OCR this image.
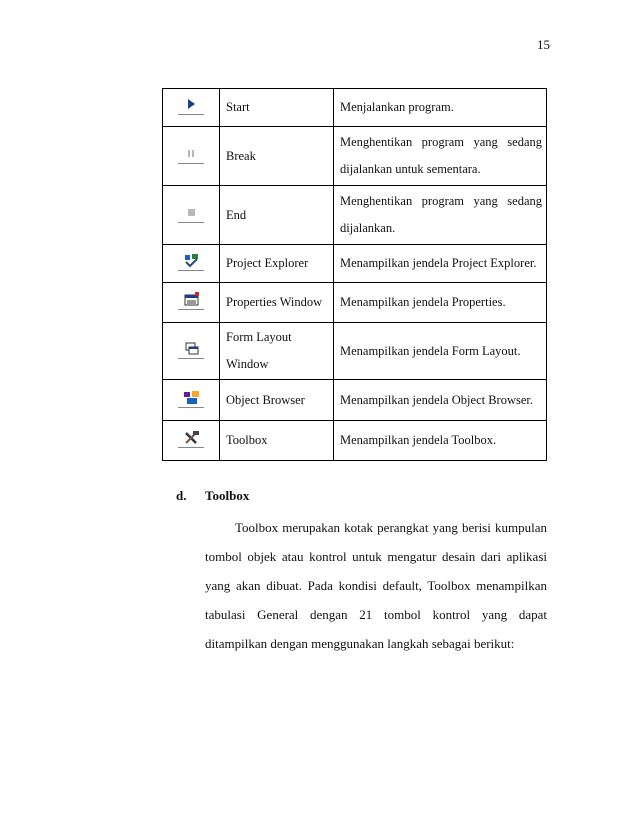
15
	Start	Menjalankan program.

	Break	Menghentikan program yang sedang
dijalankan untuk sementara.

	End	Menghentikan program yang sedang
dijalankan.

	Project Explorer	Menampilkan jendela Project Explorer.

	Properties Window	Menampilkan jendela Properties.

Form Layout
Window	Menampilkan jendela Form Layout.

	Object Browser	Menampilkan jendela Object Browser.

	Toolbox	Menampilkan jendela Toolbox.
d. Toolbox
Toolbox merupakan kotak perangkat yang berisi kumpulan tombol objek atau kontrol untuk mengatur desain dari aplikasi yang akan dibuat. Pada kondisi default, Toolbox menampilkan tabulasi General dengan 21 tombol kontrol yang dapat ditampilkan dengan menggunakan langkah sebagai berikut:
